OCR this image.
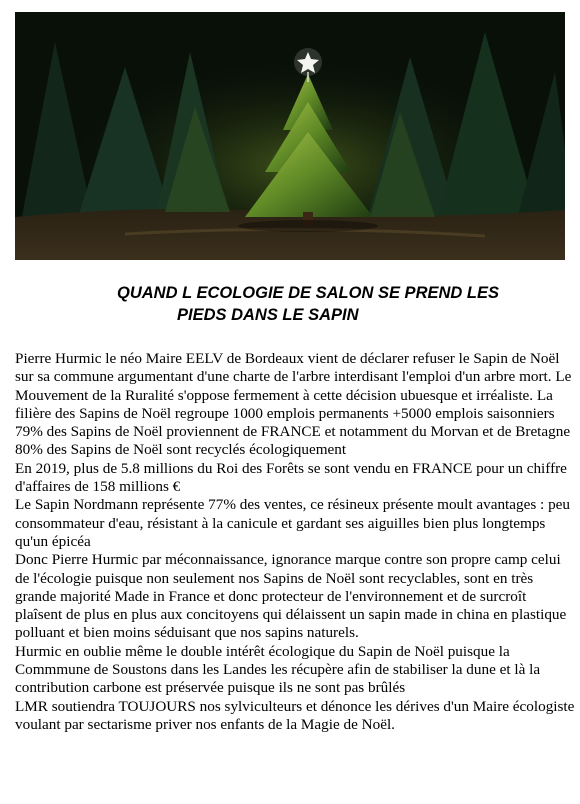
QUAND L ECOLOGIE DE SALON SE PREND LES
PIEDS DANS LE SAPIN

Pierre Hurmic le néo Maire EELV de Bordeaux vient de déclarer refuser le Sapin de Noël sur sa commune argumentant d'une charte de l'arbre interdisant l'emploi d'un arbre mort. Le Mouvement de la Ruralité s'oppose fermement à cette décision ubuesque et irréaliste. La filière des Sapins de Noël regroupe 1000 emplois permanents +5000 emplois saisonniers

79% des Sapins de Noël proviennent de FRANCE et notamment du Morvan et de Bretagne

80% des Sapins de Noël sont recyclés écologiquement

En 2019, plus de 5.8 millions du Roi des Forêts se sont vendu en FRANCE pour un chiffre d'affaires de 158 millions €

Le Sapin Nordmann représente 77% des ventes, ce résineux présente moult avantages : peu consommateur d'eau, résistant à la canicule et gardant ses aiguilles bien plus longtemps qu'un épicéa

Donc Pierre Hurmic par méconnaissance, ignorance marque contre son propre camp celui de l'écologie puisque non seulement nos Sapins de Noël sont recyclables, sont en très grande majorité Made in France et donc protecteur de l'environnement et de surcroît plaîsent de plus en plus aux concitoyens qui délaissent un sapin made in china en plastique polluant et bien moins séduisant que nos sapins naturels.

Hurmic en oublie même le double intérêt écologique du Sapin de Noël puisque la Commmune de Soustons dans les Landes les récupère afin de stabiliser la dune et là la contribution carbone est préservée puisque ils ne sont pas brûlés

LMR soutiendra TOUJOURS nos sylviculteurs et dénonce les dérives d'un Maire écologiste voulant par sectarisme priver nos enfants de la Magie de Noël.
